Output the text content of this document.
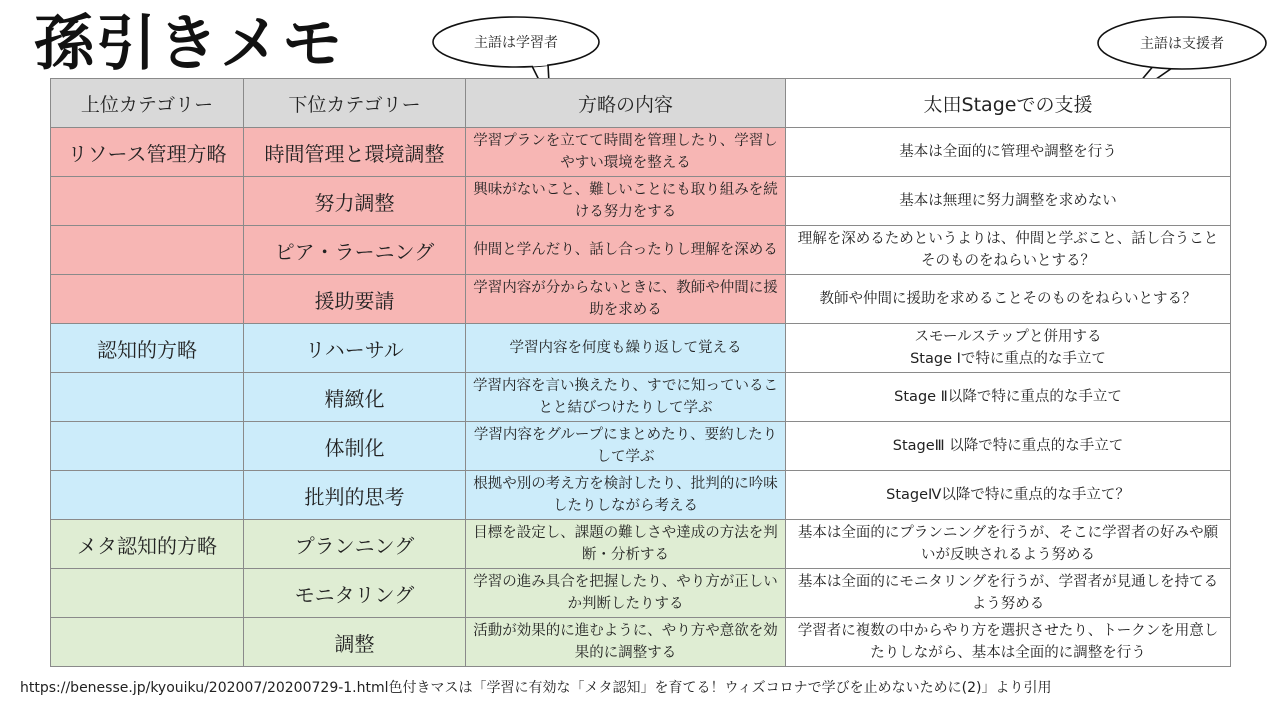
孫引きメモ	主語は学習者	主語は支援者
上位カテゴリー	下位カテゴリー	方略の内容	太田Stageでの支援
リソース管理方略	時間管理と環境調整	学習プランを立てて時間を管理したり、学習しやすい環境を整える	基本は全面的に管理や調整を行う
	努力調整	興味がないこと、難しいことにも取り組みを続ける努力をする	基本は無理に努力調整を求めない
	ピア・ラーニング	仲間と学んだり、話し合ったりし理解を深める	理解を深めるためというよりは、仲間と学ぶこと、話し合うことそのものをねらいとする？
	援助要請	学習内容が分からないときに、教師や仲間に援助を求める	教師や仲間に援助を求めることそのものをねらいとする？
認知的方略	リハーサル	学習内容を何度も繰り返して覚える	スモールステップと併用する
Stage Ⅰで特に重点的な手立て
	精緻化	学習内容を言い換えたり、すでに知っていることと結びつけたりして学ぶ	Stage Ⅱ以降で特に重点的な手立て
	体制化	学習内容をグループにまとめたり、要約したりして学ぶ	StageⅢ 以降で特に重点的な手立て
	批判的思考	根拠や別の考え方を検討したり、批判的に吟味したりしながら考える	StageⅣ以降で特に重点的な手立て？
メタ認知的方略	プランニング	目標を設定し、課題の難しさや達成の方法を判断・分析する	基本は全面的にプランニングを行うが、そこに学習者の好みや願いが反映されるよう努める
	モニタリング	学習の進み具合を把握したり、やり方が正しいか判断したりする	基本は全面的にモニタリングを行うが、学習者が見通しを持てるよう努める
	調整	活動が効果的に進むように、やり方や意欲を効果的に調整する	学習者に複数の中からやり方を選択させたり、トークンを用意したりしながら、基本は全面的に調整を行う
https://benesse.jp/kyouiku/202007/20200729-1.html色付きマスは「学習に有効な「メタ認知」を育てる！ウィズコロナで学びを止めないために(2)」より引用
